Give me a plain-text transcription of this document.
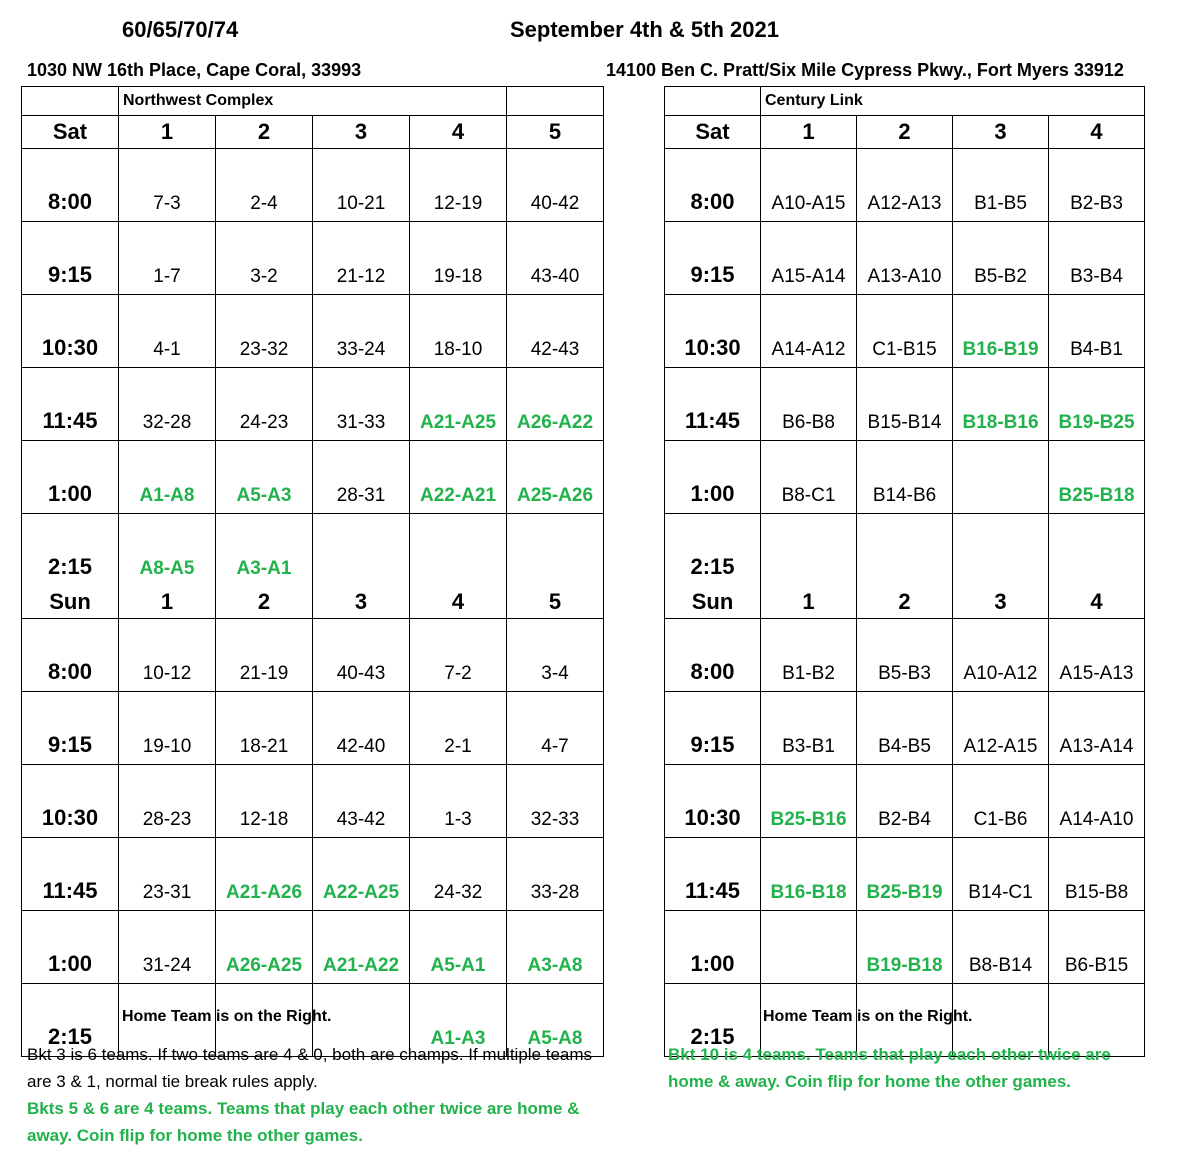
60/65/70/74	September 4th & 5th 2021
1030 NW 16th Place, Cape Coral, 33993	14100 Ben C. Pratt/Six Mile Cypress Pkwy., Fort Myers 33912
	Northwest Complex				
Sat	1	2	3	4	5
8:00	7-3	2-4	10-21	12-19	40-42
9:15	1-7	3-2	21-12	19-18	43-40
10:30	4-1	23-32	33-24	18-10	42-43
11:45	32-28	24-23	31-33	A21-A25	A26-A22
1:00	A1-A8	A5-A3	28-31	A22-A21	A25-A26
2:15	A8-A5	A3-A1			
Sun	1	2	3	4	5
8:00	10-12	21-19	40-43	7-2	3-4
9:15	19-10	18-21	42-40	2-1	4-7
10:30	28-23	12-18	43-42	1-3	32-33
11:45	23-31	A21-A26	A22-A25	24-32	33-28
1:00	31-24	A26-A25	A21-A22	A5-A1	A3-A8
2:15				A1-A3	A5-A8
	Century Link			
Sat	1	2	3	4
8:00	A10-A15	A12-A13	B1-B5	B2-B3
9:15	A15-A14	A13-A10	B5-B2	B3-B4
10:30	A14-A12	C1-B15	B16-B19	B4-B1
11:45	B6-B8	B15-B14	B18-B16	B19-B25
1:00	B8-C1	B14-B6		B25-B18
2:15				
Sun	1	2	3	4
8:00	B1-B2	B5-B3	A10-A12	A15-A13
9:15	B3-B1	B4-B5	A12-A15	A13-A14
10:30	B25-B16	B2-B4	C1-B6	A14-A10
11:45	B16-B18	B25-B19	B14-C1	B15-B8
1:00		B19-B18	B8-B14	B6-B15
2:15				
Home Team is on the Right.	Home Team is on the Right.
Bkt 3 is 6 teams. If two teams are 4 & 0, both are champs. If multiple teams are 3 & 1, normal tie break rules apply.
Bkts 5 & 6 are 4 teams. Teams that play each other twice are home & away. Coin flip for home the other games.
Bkt 10 is 4 teams. Teams that play each other twice are home & away. Coin flip for home the other games.
